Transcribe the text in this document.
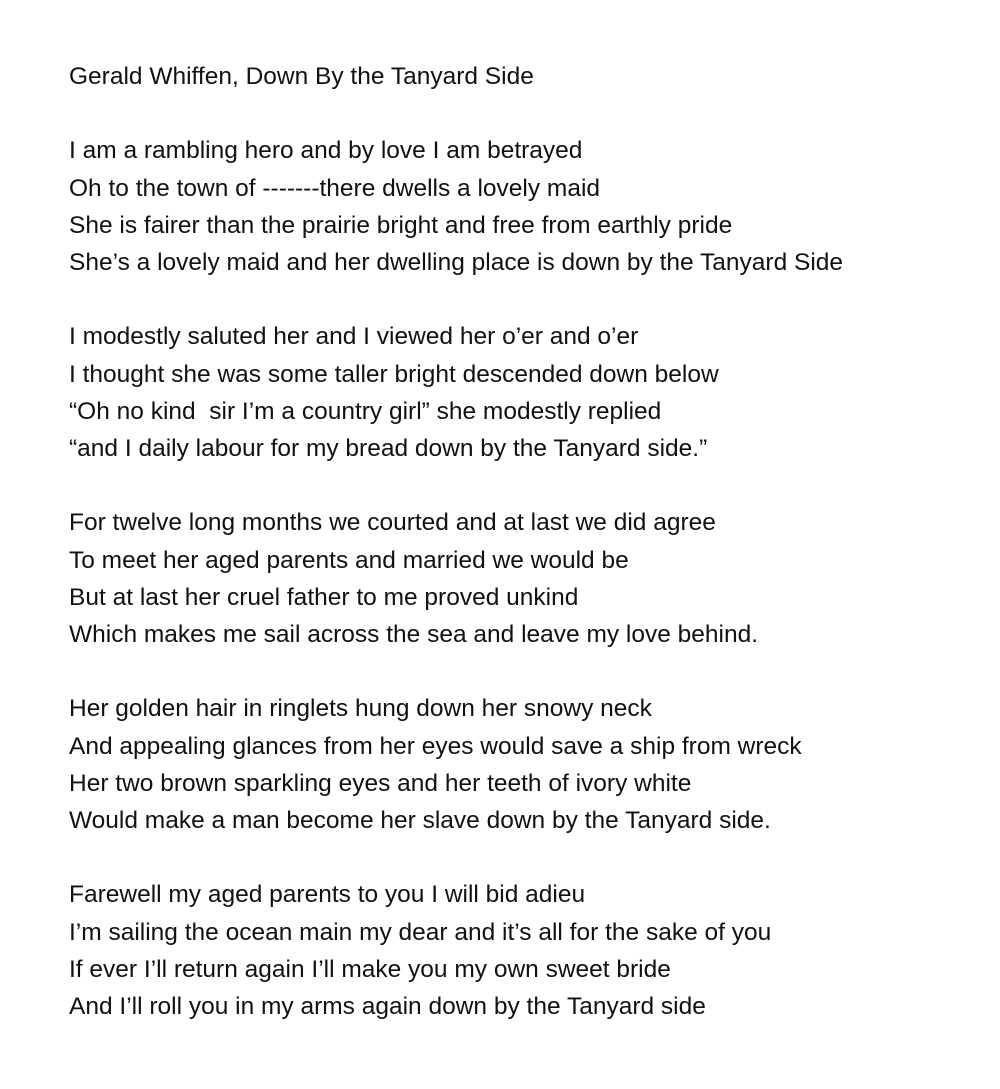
Gerald Whiffen, Down By the Tanyard Side
I am a rambling hero and by love I am betrayed
Oh to the town of -------there dwells a lovely maid
She is fairer than the prairie bright and free from earthly pride
She’s a lovely maid and her dwelling place is down by the Tanyard Side
I modestly saluted her and I viewed her o’er and o’er
I thought she was some taller bright descended down below
“Oh no kind  sir I’m a country girl” she modestly replied
“and I daily labour for my bread down by the Tanyard side.”
For twelve long months we courted and at last we did agree
To meet her aged parents and married we would be
But at last her cruel father to me proved unkind
Which makes me sail across the sea and leave my love behind.
Her golden hair in ringlets hung down her snowy neck
And appealing glances from her eyes would save a ship from wreck
Her two brown sparkling eyes and her teeth of ivory white
Would make a man become her slave down by the Tanyard side.
Farewell my aged parents to you I will bid adieu
I’m sailing the ocean main my dear and it’s all for the sake of you
If ever I’ll return again I’ll make you my own sweet bride
And I’ll roll you in my arms again down by the Tanyard side
